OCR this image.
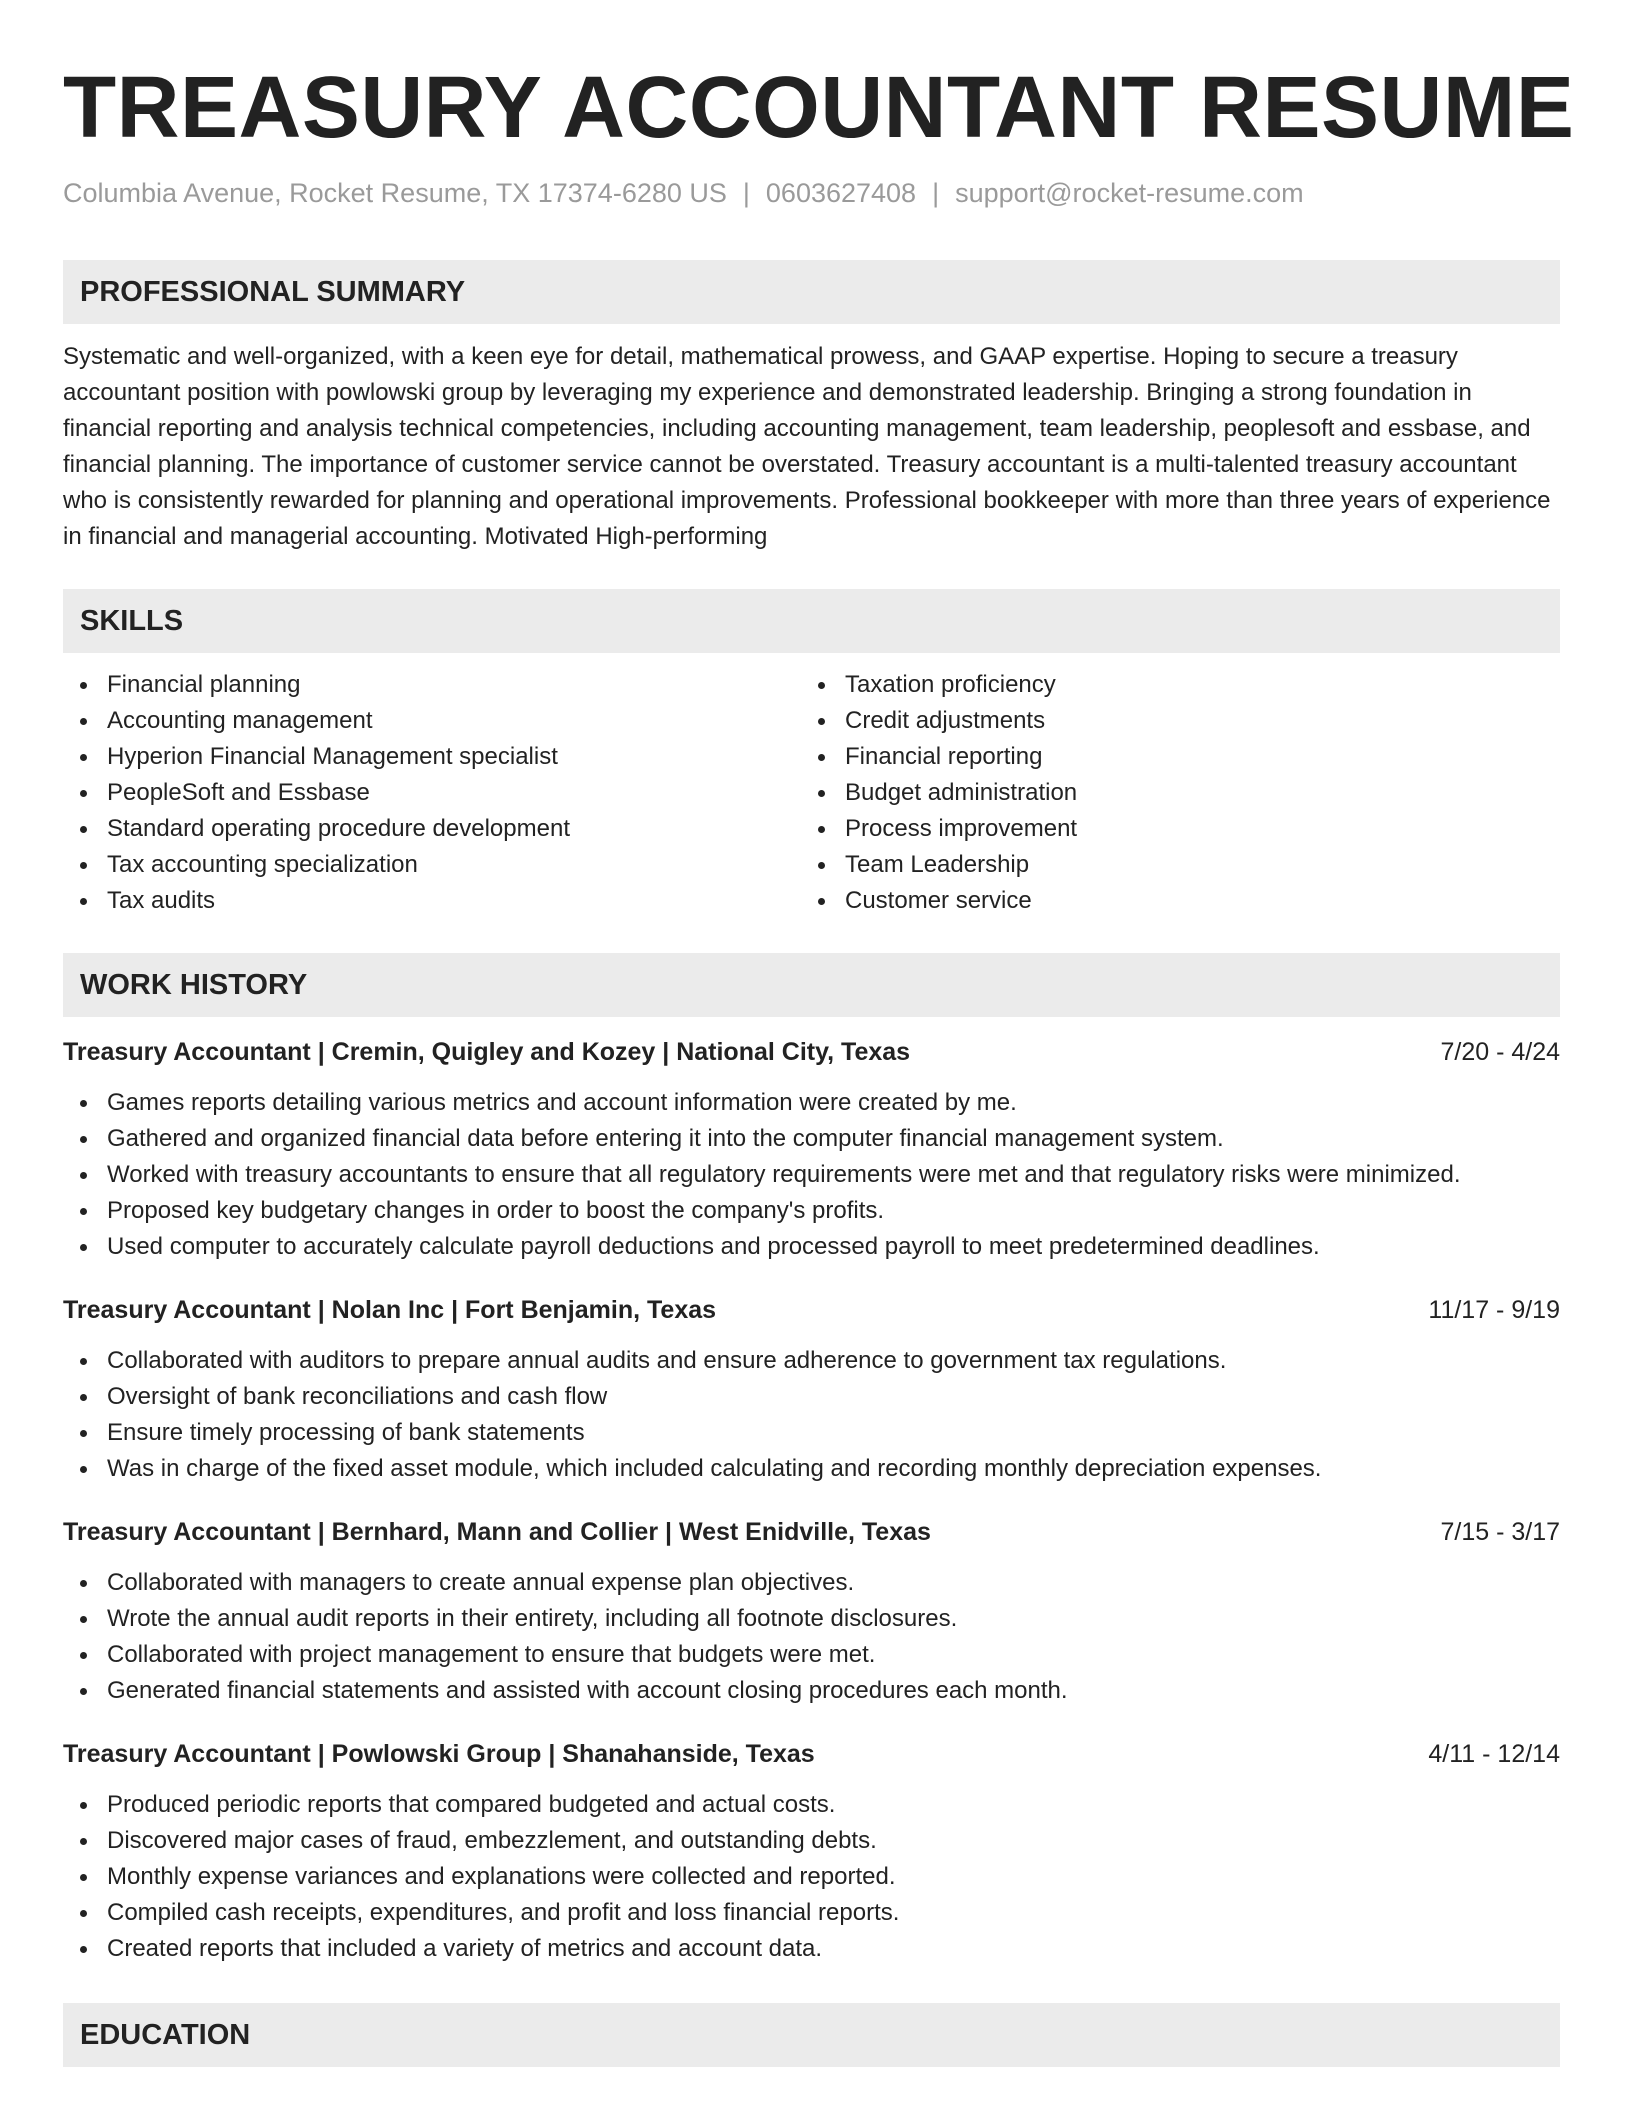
TREASURY ACCOUNTANT RESUME
Columbia Avenue, Rocket Resume, TX 17374-6280 US | 0603627408 | support@rocket-resume.com
PROFESSIONAL SUMMARY

Systematic and well-organized, with a keen eye for detail, mathematical prowess, and GAAP expertise. Hoping to secure a treasury accountant position with powlowski group by leveraging my experience and demonstrated leadership. Bringing a strong foundation in financial reporting and analysis technical competencies, including accounting management, team leadership, peoplesoft and essbase, and financial planning. The importance of customer service cannot be overstated. Treasury accountant is a multi-talented treasury accountant who is consistently rewarded for planning and operational improvements. Professional bookkeeper with more than three years of experience in financial and managerial accounting. Motivated High-performing

SKILLS
Financial planning
Accounting management
Hyperion Financial Management specialist
PeopleSoft and Essbase
Standard operating procedure development
Tax accounting specialization
Tax audits
Taxation proficiency
Credit adjustments
Financial reporting
Budget administration
Process improvement
Team Leadership
Customer service
WORK HISTORY
Treasury Accountant | Cremin, Quigley and Kozey | National City, Texas	7/20 - 4/24
Games reports detailing various metrics and account information were created by me.
Gathered and organized financial data before entering it into the computer financial management system.
Worked with treasury accountants to ensure that all regulatory requirements were met and that regulatory risks were minimized.
Proposed key budgetary changes in order to boost the company's profits.
Used computer to accurately calculate payroll deductions and processed payroll to meet predetermined deadlines.
Treasury Accountant | Nolan Inc | Fort Benjamin, Texas	11/17 - 9/19
Collaborated with auditors to prepare annual audits and ensure adherence to government tax regulations.
Oversight of bank reconciliations and cash flow
Ensure timely processing of bank statements
Was in charge of the fixed asset module, which included calculating and recording monthly depreciation expenses.
Treasury Accountant | Bernhard, Mann and Collier | West Enidville, Texas	7/15 - 3/17
Collaborated with managers to create annual expense plan objectives.
Wrote the annual audit reports in their entirety, including all footnote disclosures.
Collaborated with project management to ensure that budgets were met.
Generated financial statements and assisted with account closing procedures each month.
Treasury Accountant | Powlowski Group | Shanahanside, Texas	4/11 - 12/14
Produced periodic reports that compared budgeted and actual costs.
Discovered major cases of fraud, embezzlement, and outstanding debts.
Monthly expense variances and explanations were collected and reported.
Compiled cash receipts, expenditures, and profit and loss financial reports.
Created reports that included a variety of metrics and account data.
EDUCATION
